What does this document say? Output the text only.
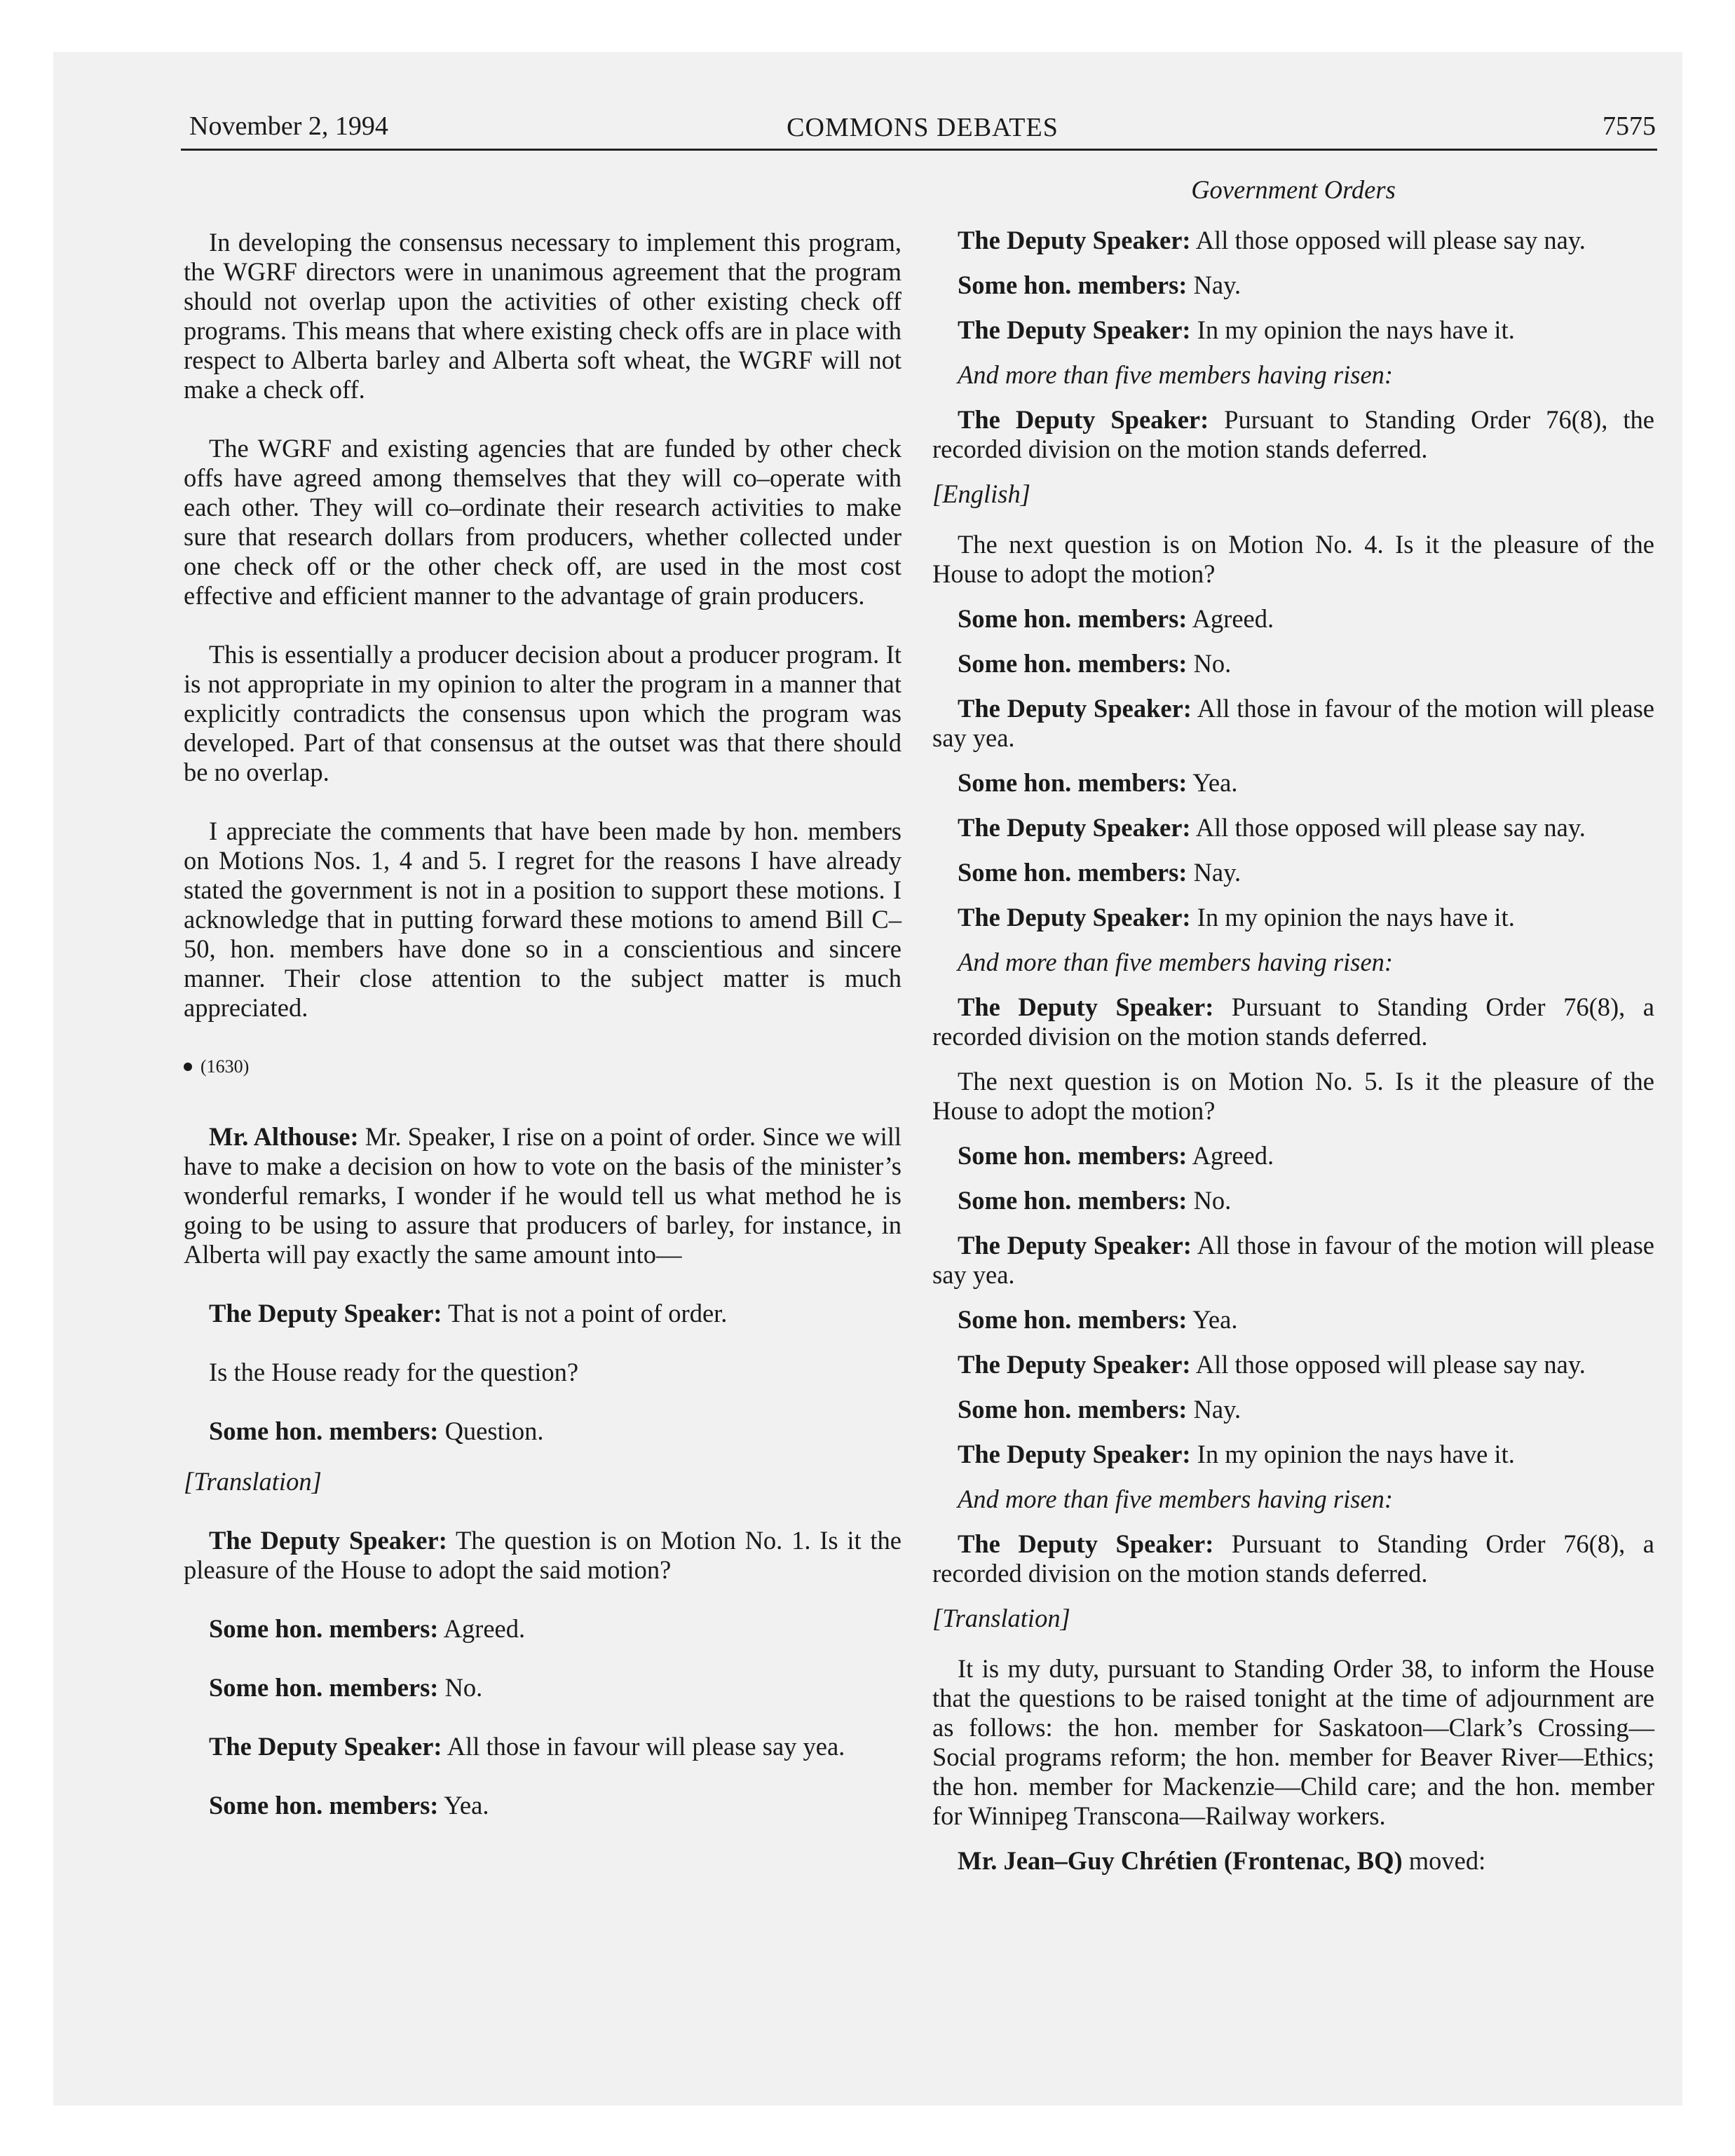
November 2, 1994	COMMONS DEBATES	7575

In developing the consensus necessary to implement this program, the WGRF directors were in unanimous agreement that the program should not overlap upon the activities of other existing check off programs. This means that where existing check offs are in place with respect to Alberta barley and Alberta soft wheat, the WGRF will not make a check off.

The WGRF and existing agencies that are funded by other check offs have agreed among themselves that they will co–operate with each other. They will co–ordinate their research activities to make sure that research dollars from producers, whether collected under one check off or the other check off, are used in the most cost effective and efficient manner to the advantage of grain producers.

This is essentially a producer decision about a producer program. It is not appropriate in my opinion to alter the program in a manner that explicitly contradicts the consensus upon which the program was developed. Part of that consensus at the outset was that there should be no overlap.

I appreciate the comments that have been made by hon. members on Motions Nos. 1, 4 and 5. I regret for the reasons I have already stated the government is not in a position to support these motions. I acknowledge that in putting forward these motions to amend Bill C–50, hon. members have done so in a conscientious and sincere manner. Their close attention to the subject matter is much appreciated.

(1630)

Mr. Althouse: Mr. Speaker, I rise on a point of order. Since we will have to make a decision on how to vote on the basis of the minister’s wonderful remarks, I wonder if he would tell us what method he is going to be using to assure that producers of barley, for instance, in Alberta will pay exactly the same amount into—

The Deputy Speaker: That is not a point of order.

Is the House ready for the question?

Some hon. members: Question.

[Translation]

The Deputy Speaker: The question is on Motion No. 1. Is it the pleasure of the House to adopt the said motion?

Some hon. members: Agreed.

Some hon. members: No.

The Deputy Speaker: All those in favour will please say yea.

Some hon. members: Yea.

Government Orders

The Deputy Speaker: All those opposed will please say nay.

Some hon. members: Nay.

The Deputy Speaker: In my opinion the nays have it.

And more than five members having risen:

The Deputy Speaker: Pursuant to Standing Order 76(8), the recorded division on the motion stands deferred.

[English]

The next question is on Motion No. 4. Is it the pleasure of the House to adopt the motion?

Some hon. members: Agreed.

Some hon. members: No.

The Deputy Speaker: All those in favour of the motion will please say yea.

Some hon. members: Yea.

The Deputy Speaker: All those opposed will please say nay.

Some hon. members: Nay.

The Deputy Speaker: In my opinion the nays have it.

And more than five members having risen:

The Deputy Speaker: Pursuant to Standing Order 76(8), a recorded division on the motion stands deferred.

The next question is on Motion No. 5. Is it the pleasure of the House to adopt the motion?

Some hon. members: Agreed.

Some hon. members: No.

The Deputy Speaker: All those in favour of the motion will please say yea.

Some hon. members: Yea.

The Deputy Speaker: All those opposed will please say nay.

Some hon. members: Nay.

The Deputy Speaker: In my opinion the nays have it.

And more than five members having risen:

The Deputy Speaker: Pursuant to Standing Order 76(8), a recorded division on the motion stands deferred.

[Translation]

It is my duty, pursuant to Standing Order 38, to inform the House that the questions to be raised tonight at the time of adjournment are as follows: the hon. member for Saskatoon—Clark’s Crossing—Social programs reform; the hon. member for Beaver River—Ethics; the hon. member for Mackenzie—Child care; and the hon. member for Winnipeg Transcona—Railway workers.

Mr. Jean–Guy Chrétien (Frontenac, BQ) moved:
